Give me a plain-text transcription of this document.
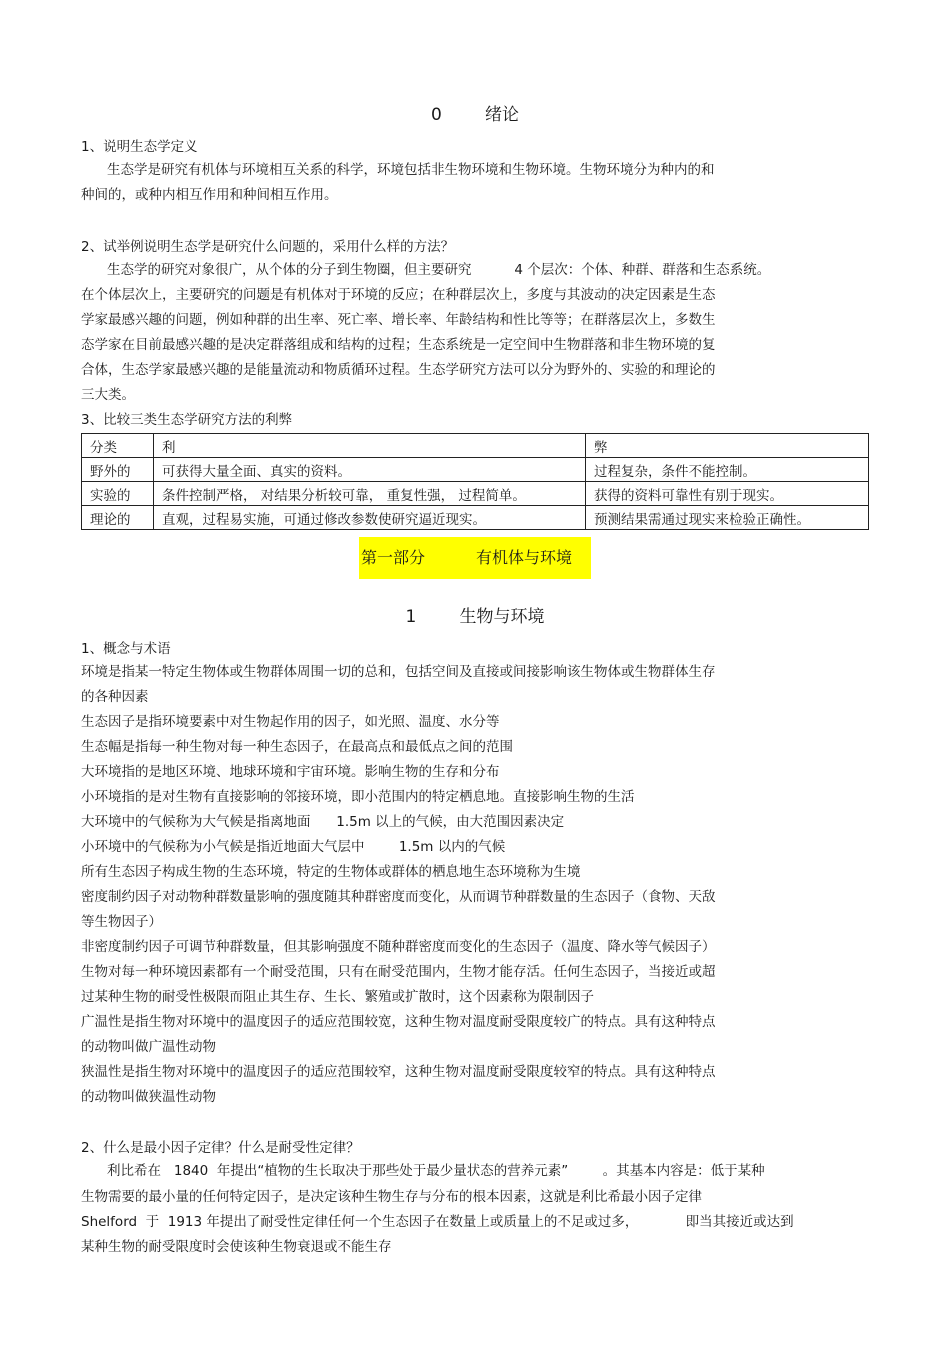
0        绪论
1、说明生态学定义
生态学是研究有机体与环境相互关系的科学，环境包括非生物环境和生物环境。生物环境分为种内的和
种间的，或种内相互作用和种间相互作用。
2、试举例说明生态学是研究什么问题的，采用什么样的方法？
生态学的研究对象很广，从个体的分子到生物圈，但主要研究          4 个层次：个体、种群、群落和生态系统。
在个体层次上，主要研究的问题是有机体对于环境的反应；在种群层次上，多度与其波动的决定因素是生态
学家最感兴趣的问题，例如种群的出生率、死亡率、增长率、年龄结构和性比等等；在群落层次上，多数生
态学家在目前最感兴趣的是决定群落组成和结构的过程；生态系统是一定空间中生物群落和非生物环境的复
合体，生态学家最感兴趣的是能量流动和物质循环过程。生态学研究方法可以分为野外的、实验的和理论的
三大类。
3、比较三类生态学研究方法的利弊
分类	利	弊
野外的	可获得大量全面、真实的资料。	过程复杂，条件不能控制。
实验的	条件控制严格， 对结果分析较可靠， 重复性强， 过程简单。	获得的资料可靠性有别于现实。
理论的	直观，过程易实施，可通过修改参数使研究逼近现实。	预测结果需通过现实来检验正确性。

第一部分

	有机体与环境

1        生物与环境
1、概念与术语
环境是指某一特定生物体或生物群体周围一切的总和，包括空间及直接或间接影响该生物体或生物群体生存
的各种因素
生态因子是指环境要素中对生物起作用的因子，如光照、温度、水分等
生态幅是指每一种生物对每一种生态因子，在最高点和最低点之间的范围
大环境指的是地区环境、地球环境和宇宙环境。影响生物的生存和分布
小环境指的是对生物有直接影响的邻接环境，即小范围内的特定栖息地。直接影响生物的生活
大环境中的气候称为大气候是指离地面      1.5m 以上的气候，由大范围因素决定
小环境中的气候称为小气候是指近地面大气层中        1.5m 以内的气候
所有生态因子构成生物的生态环境，特定的生物体或群体的栖息地生态环境称为生境
密度制约因子对动物种群数量影响的强度随其种群密度而变化，从而调节种群数量的生态因子（食物、天敌
等生物因子）
非密度制约因子可调节种群数量，但其影响强度不随种群密度而变化的生态因子（温度、降水等气候因子）
生物对每一种环境因素都有一个耐受范围，只有在耐受范围内，生物才能存活。任何生态因子，当接近或超
过某种生物的耐受性极限而阻止其生存、生长、繁殖或扩散时，这个因素称为限制因子
广温性是指生物对环境中的温度因子的适应范围较宽，这种生物对温度耐受限度较广的特点。具有这种特点
的动物叫做广温性动物
狭温性是指生物对环境中的温度因子的适应范围较窄，这种生物对温度耐受限度较窄的特点。具有这种特点
的动物叫做狭温性动物
2、什么是最小因子定律？什么是耐受性定律？
利比希在   1840  年提出“植物的生长取决于那些处于最少量状态的营养元素”        。其基本内容是：低于某种
生物需要的最小量的任何特定因子，是决定该种生物生存与分布的根本因素，这就是利比希最小因子定律
Shelford  于  1913 年提出了耐受性定律任何一个生态因子在数量上或质量上的不足或过多，           即当其接近或达到
某种生物的耐受限度时会使该种生物衰退或不能生存
